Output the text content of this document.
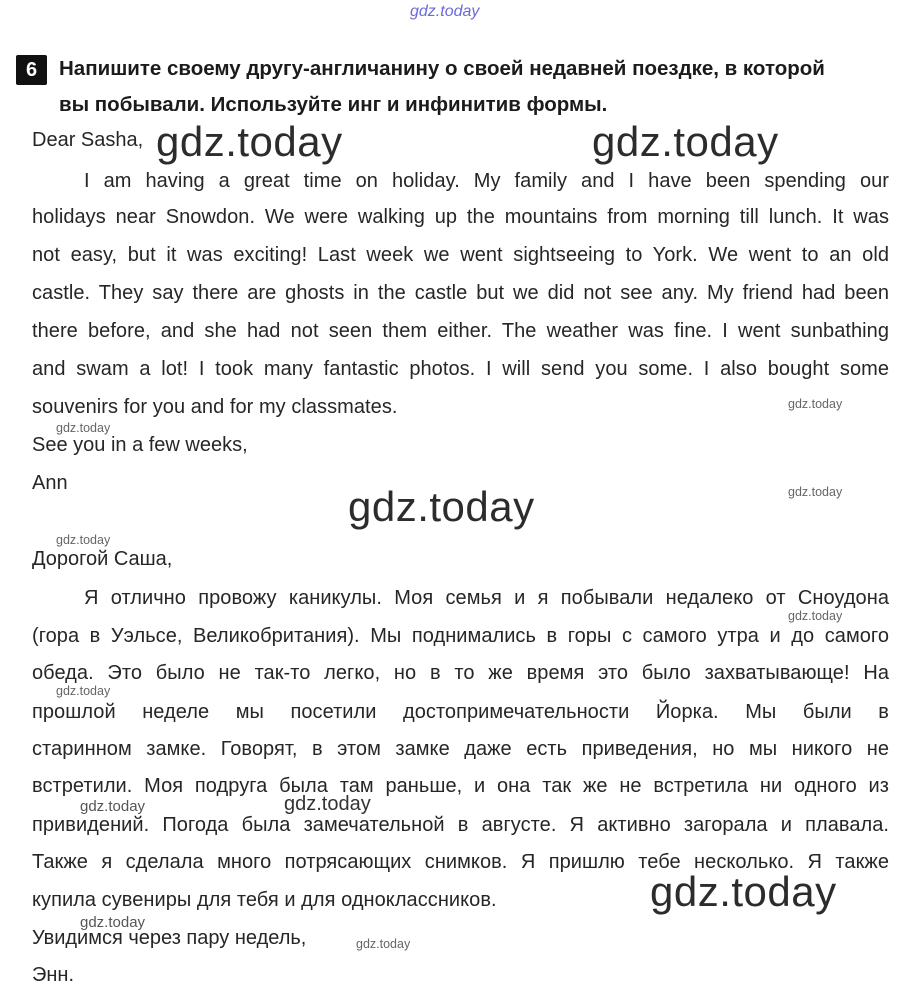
gdz.today
6	Напишите своему другу-англичанину о своей недавней поездке, в которой
вы побывали. Используйте инг и инфинитив формы.
Dear Sasha,
I am having a great time on holiday. My family and I have been spending our
holidays near Snowdon. We were walking up the mountains from morning till lunch. It was
not easy, but it was exciting! Last week we went sightseeing to York. We went to an old
castle. They say there are ghosts in the castle but we did not see any. My friend had been
there before, and she had not seen them either. The weather was fine. I went sunbathing
and swam a lot! I took many fantastic photos. I will send you some. I also bought some
souvenirs for you and for my classmates.
See you in a few weeks,
Ann
Дорогой Саша,
Я отлично провожу каникулы. Моя семья и я побывали недалеко от Сноудона
(гора в Уэльсе, Великобритания). Мы поднимались в горы с самого утра и до самого
обеда. Это было не так-то легко, но в то же время это было захватывающе! На
прошлой неделе мы посетили достопримечательности Йорка. Мы были в
старинном замке. Говорят, в этом замке даже есть приведения, но мы никого не
встретили. Моя подруга была там раньше, и она так же не встретила ни одного из
привидений. Погода была замечательной в августе. Я активно загорала и плавала.
Также я сделала много потрясающих снимков. Я пришлю тебе несколько. Я также
купила сувениры для тебя и для одноклассников.
Увидимся через пару недель,
Энн.
gdz.today	gdz.today
gdz.today
gdz.today
gdz.today
gdz.today
gdz.today
gdz.today
gdz.today
gdz.today
gdz.today
gdz.today
gdz.today
gdz.today
